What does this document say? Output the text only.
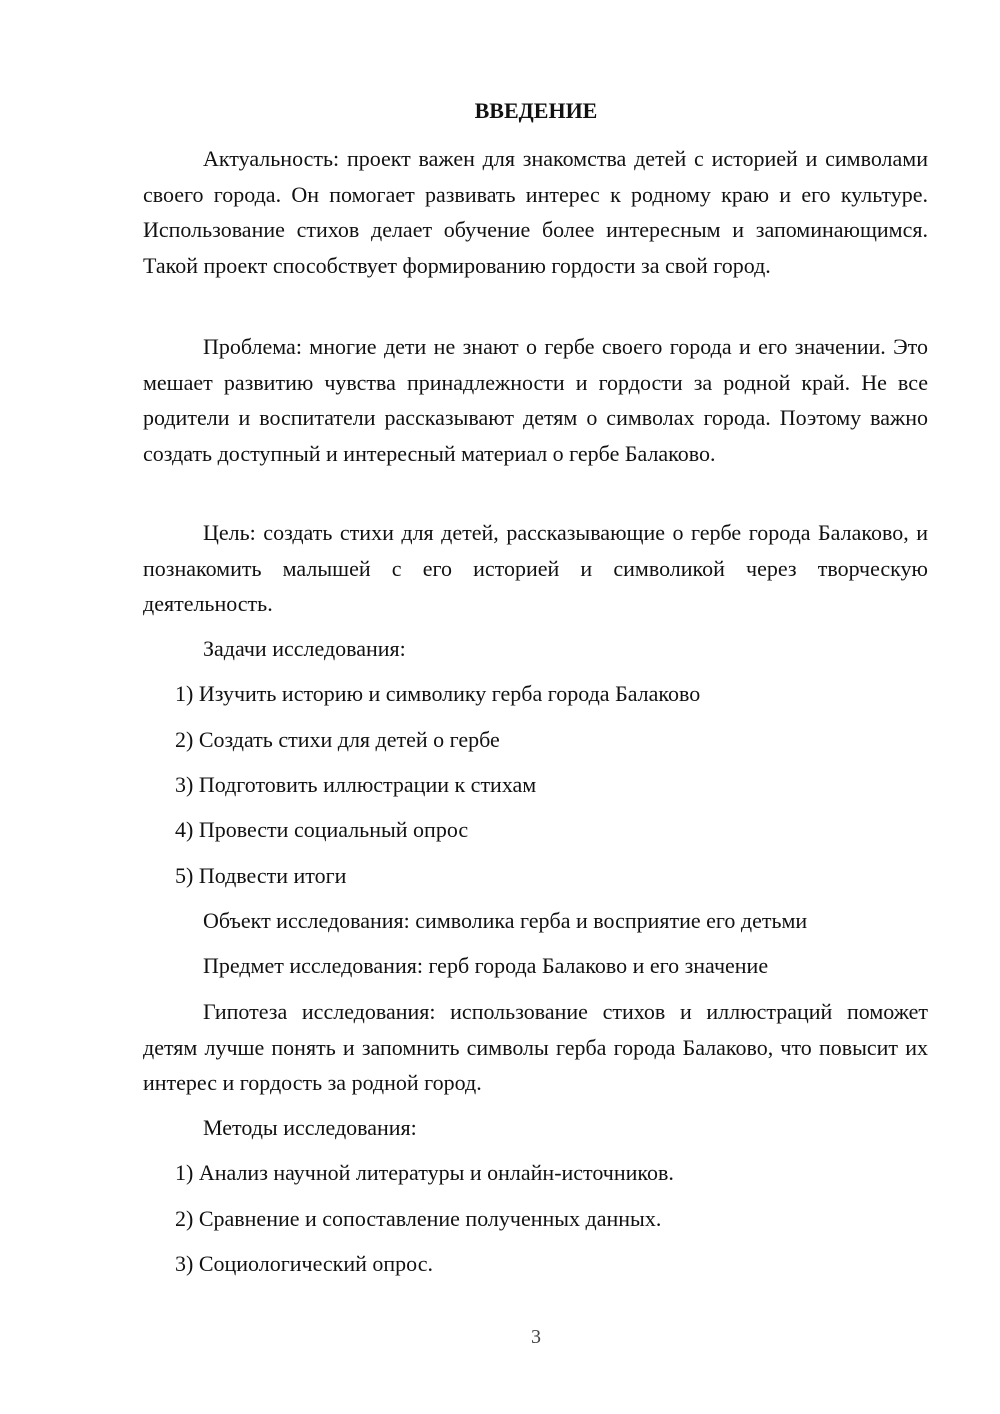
ВВЕДЕНИЕ

Актуальность: проект важен для знакомства детей с историей и символами своего города. Он помогает развивать интерес к родному краю и его культуре. Использование стихов делает обучение более интересным и запоминающимся. Такой проект способствует формированию гордости за свой город.

Проблема: многие дети не знают о гербе своего города и его значении. Это мешает развитию чувства принадлежности и гордости за родной край. Не все родители и воспитатели рассказывают детям о символах города. Поэтому важно создать доступный и интересный материал о гербе Балаково.

Цель: создать стихи для детей, рассказывающие о гербе города Балаково, и познакомить малышей с его историей и символикой через творческую деятельность.

Задачи исследования:

1) Изучить историю и символику герба города Балаково

2) Создать стихи для детей о гербе

3) Подготовить иллюстрации к стихам

4) Провести социальный опрос

5) Подвести итоги

Объект исследования: символика герба и восприятие его детьми

Предмет исследования: герб города Балаково и его значение

Гипотеза исследования: использование стихов и иллюстраций поможет детям лучше понять и запомнить символы герба города Балаково, что повысит их интерес и гордость за родной город.

Методы исследования:

1) Анализ научной литературы и онлайн-источников.

2) Сравнение и сопоставление полученных данных.

3) Социологический опрос.

3
